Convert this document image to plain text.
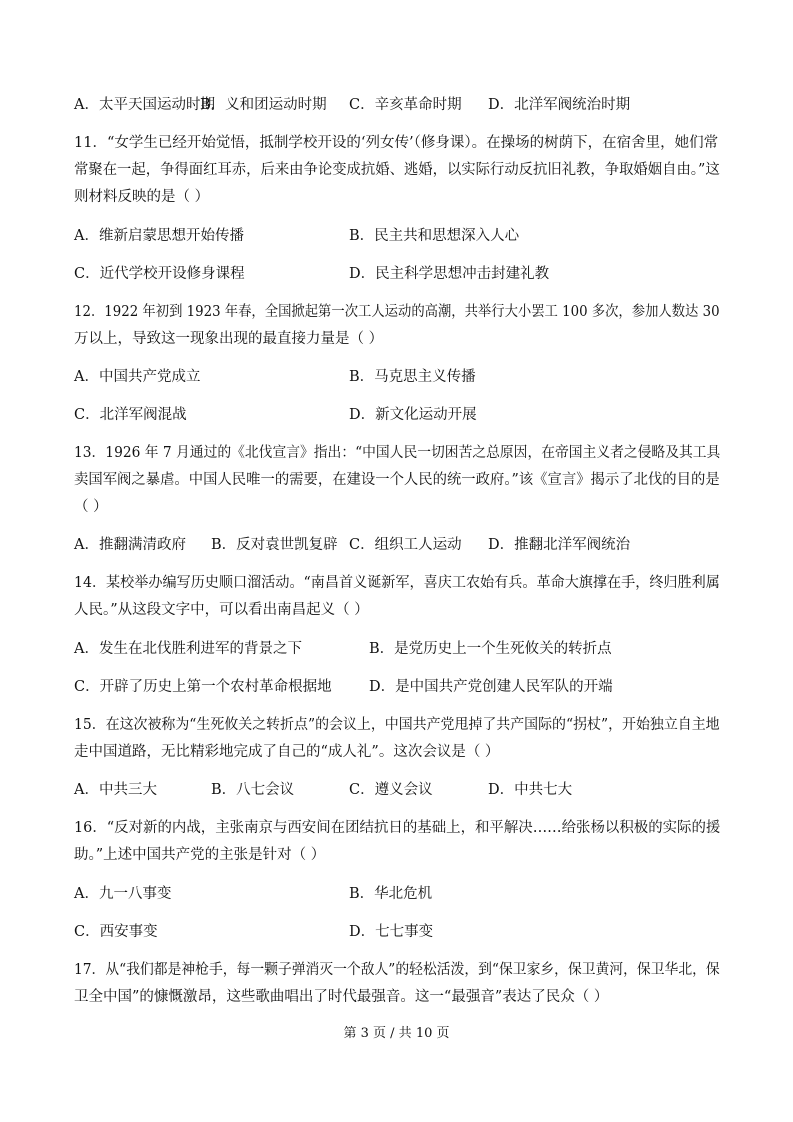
A．太平天国运动时期
B．义和团运动时期 C．辛亥革命时期 D．北洋军阀统治时期
11．“女学生已经开始觉悟，抵制学校开设的‘列女传’（修身课）。在操场的树荫下，在宿舍里，她们常
常聚在一起，争得面红耳赤，后来由争论变成抗婚、逃婚，以实际行动反抗旧礼教，争取婚姻自由。”这
则材料反映的是（ ）
A．维新启蒙思想开始传播	B．民主共和思想深入人心
C．近代学校开设修身课程	D．民主科学思想冲击封建礼教
12．1922 年初到 1923 年春，全国掀起第一次工人运动的高潮，共举行大小罢工 100 多次，参加人数达 30
万以上，导致这一现象出现的最直接力量是（ ）
A．中国共产党成立	B．马克思主义传播
C．北洋军阀混战	D．新文化运动开展
13．1926 年 7 月通过的《北伐宣言》指出：“中国人民一切困苦之总原因，在帝国主义者之侵略及其工具
卖国军阀之暴虐。中国人民唯一的需要，在建设一个人民的统一政府。”该《宣言》揭示了北伐的目的是
（ ）
A．推翻满清政府 B．反对袁世凯复辟 C．组织工人运动 D．推翻北洋军阀统治
14．某校举办编写历史顺口溜活动。“南昌首义诞新军，喜庆工农始有兵。革命大旗撑在手，终归胜利属
人民。”从这段文字中，可以看出南昌起义（ ）
A．发生在北伐胜利进军的背景之下	B．是党历史上一个生死攸关的转折点
C．开辟了历史上第一个农村革命根据地	D．是中国共产党创建人民军队的开端
15．在这次被称为“生死攸关之转折点”的会议上，中国共产党甩掉了共产国际的“拐杖”，开始独立自主地
走中国道路，无比精彩地完成了自己的“成人礼”。这次会议是（ ）
A．中共三大	B．八七会议	C．遵义会议	D．中共七大
16．“反对新的内战，主张南京与西安间在团结抗日的基础上，和平解决……给张杨以积极的实际的援
助。”上述中国共产党的主张是针对（ ）
A．九一八事变	B．华北危机
C．西安事变	D．七七事变
17．从“我们都是神枪手，每一颗子弹消灭一个敌人”的轻松活泼，到“保卫家乡，保卫黄河，保卫华北，保
卫全中国”的慷慨激昂，这些歌曲唱出了时代最强音。这一“最强音”表达了民众（ ）
第 3 页 / 共 10 页
